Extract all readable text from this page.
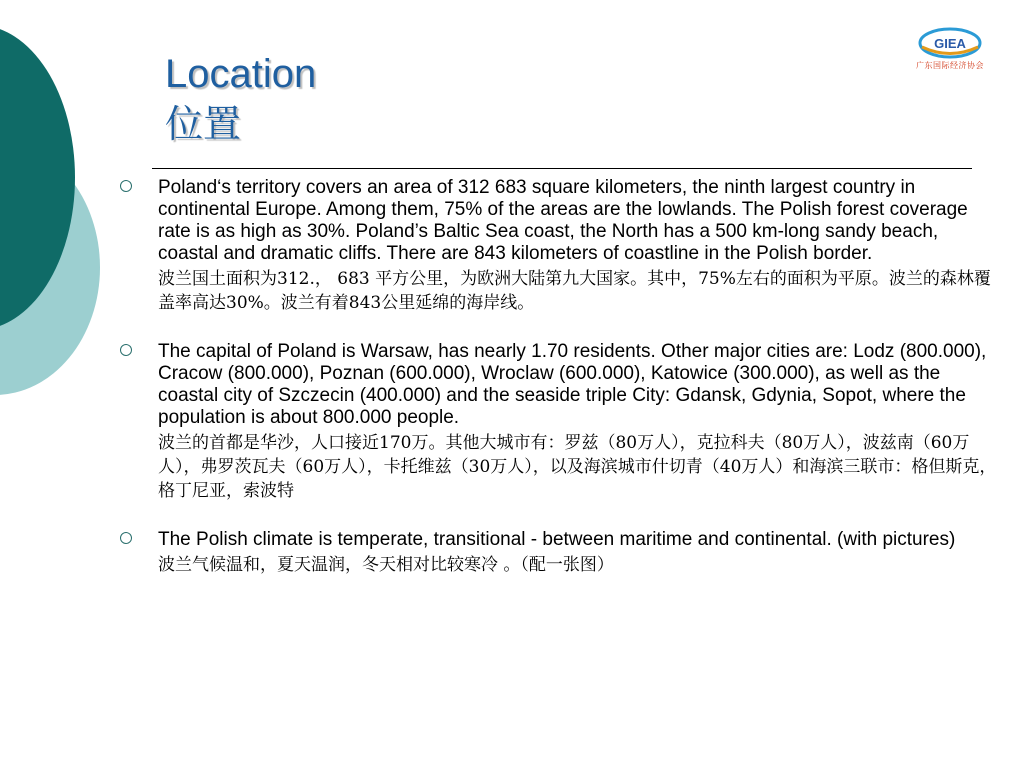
Location
位置
GIEA
广东国际经济协会
Poland‘s territory covers an area of 312 683 square kilometers, the ninth largest country in continental Europe. Among them, 75% of the areas are the lowlands. The Polish forest coverage rate is as high as 30%. Poland’s Baltic Sea coast, the North has a 500 km-long sandy beach, coastal and dramatic cliffs. There are 843 kilometers of coastline in the Polish border.
波兰国土面积为312.， 683 平方公里，为欧洲大陆第九大国家。其中，75%左右的面积为平原。波兰的森林覆盖率高达30%。波兰有着843公里延绵的海岸线。
The capital of Poland is Warsaw, has nearly 1.70 residents. Other major cities are: Lodz (800.000), Cracow (800.000), Poznan (600.000), Wroclaw (600.000), Katowice (300.000), as well as the coastal city of Szczecin (400.000) and the seaside triple City: Gdansk, Gdynia, Sopot, where the population is about 800.000 people.
波兰的首都是华沙，人口接近170万。其他大城市有：罗兹（80万人），克拉科夫（80万人），波兹南（60万人），弗罗茨瓦夫（60万人），卡托维兹（30万人），以及海滨城市什切青（40万人）和海滨三联市：格但斯克，格丁尼亚，索波特
The Polish climate is temperate, transitional - between maritime and continental. (with pictures)
波兰气候温和，夏天温润，冬天相对比较寒冷 。（配一张图）
